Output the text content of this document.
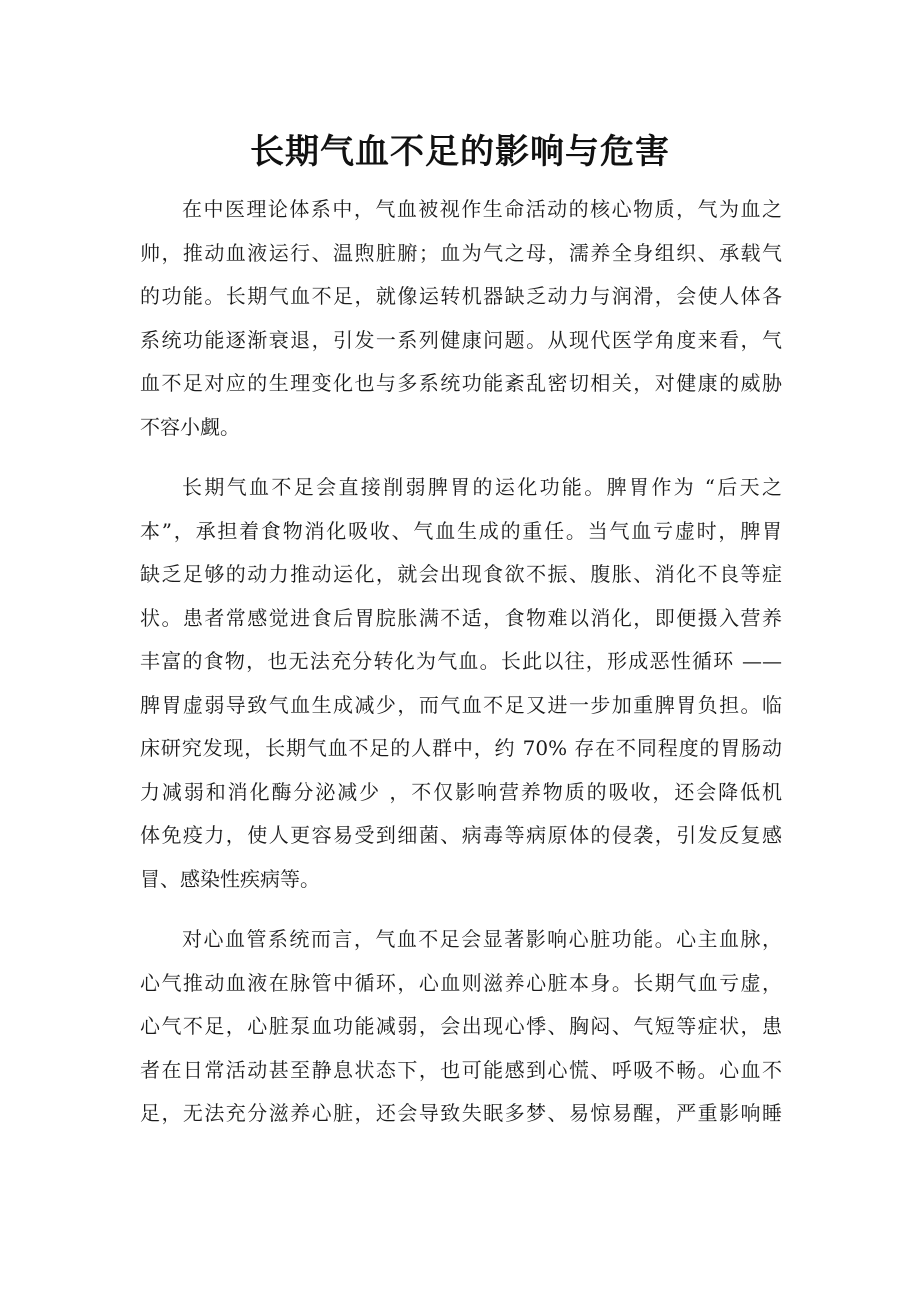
长期气血不足的影响与危害

在中医理论体系中，气血被视作生命活动的核心物质，气为血之
帅，推动血液运行、温煦脏腑；血为气之母，濡养全身组织、承载气
的功能。长期气血不足，就像运转机器缺乏动力与润滑，会使人体各
系统功能逐渐衰退，引发一系列健康问题。从现代医学角度来看，气
血不足对应的生理变化也与多系统功能紊乱密切相关，对健康的威胁
不容小觑。

长期气血不足会直接削弱脾胃的运化功能。脾胃作为 “后天之
本”，承担着食物消化吸收、气血生成的重任。当气血亏虚时，脾胃
缺乏足够的动力推动运化，就会出现食欲不振、腹胀、消化不良等症
状。患者常感觉进食后胃脘胀满不适，食物难以消化，即便摄入营养
丰富的食物，也无法充分转化为气血。长此以往，形成恶性循环 ——
脾胃虚弱导致气血生成减少，而气血不足又进一步加重脾胃负担。临
床研究发现，长期气血不足的人群中，约 70% 存在不同程度的胃肠动
力减弱和消化酶分泌减少 ，不仅影响营养物质的吸收，还会降低机
体免疫力，使人更容易受到细菌、病毒等病原体的侵袭，引发反复感
冒、感染性疾病等。

对心血管系统而言，气血不足会显著影响心脏功能。心主血脉，
心气推动血液在脉管中循环，心血则滋养心脏本身。长期气血亏虚，
心气不足，心脏泵血功能减弱，会出现心悸、胸闷、气短等症状，患
者在日常活动甚至静息状态下，也可能感到心慌、呼吸不畅。心血不
足，无法充分滋养心脏，还会导致失眠多梦、易惊易醒，严重影响睡
